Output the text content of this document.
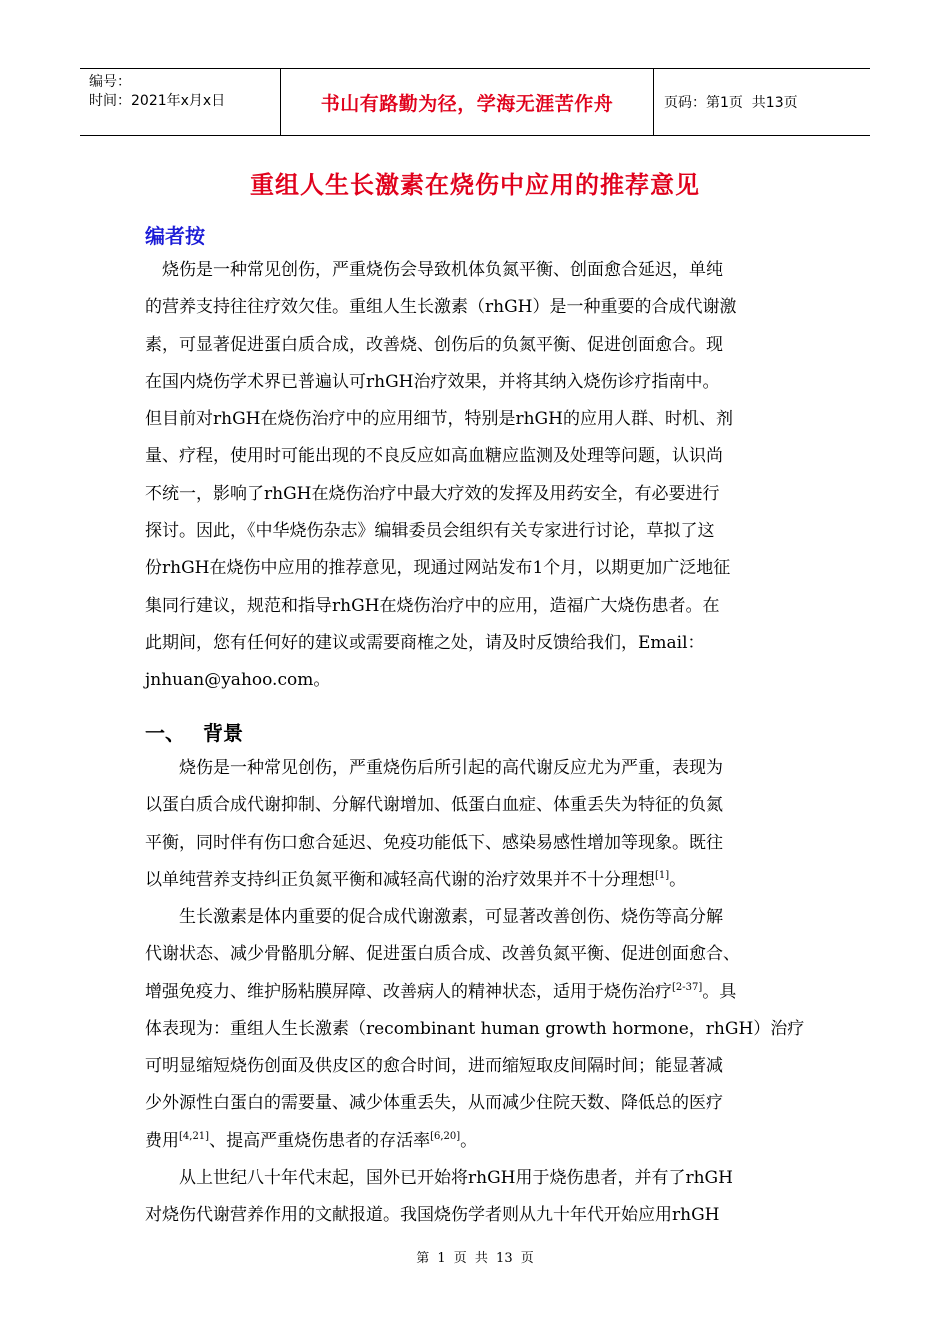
编号：
时间：2021年x月x日	书山有路勤为径，学海无涯苦作舟	页码：第1页  共13页
重组人生长激素在烧伤中应用的推荐意见
编者按
　烧伤是一种常见创伤，严重烧伤会导致机体负氮平衡、创面愈合延迟，单纯
的营养支持往往疗效欠佳。重组人生长激素（rhGH）是一种重要的合成代谢激
素，可显著促进蛋白质合成，改善烧、创伤后的负氮平衡、促进创面愈合。现
在国内烧伤学术界已普遍认可rhGH治疗效果，并将其纳入烧伤诊疗指南中。
但目前对rhGH在烧伤治疗中的应用细节，特别是rhGH的应用人群、时机、剂
量、疗程，使用时可能出现的不良反应如高血糖应监测及处理等问题，认识尚
不统一，影响了rhGH在烧伤治疗中最大疗效的发挥及用药安全，有必要进行
探讨。因此，《中华烧伤杂志》编辑委员会组织有关专家进行讨论，草拟了这
份rhGH在烧伤中应用的推荐意见，现通过网站发布1个月，以期更加广泛地征
集同行建议，规范和指导rhGH在烧伤治疗中的应用，造福广大烧伤患者。在
此期间，您有任何好的建议或需要商榷之处，请及时反馈给我们，Email：
jnhuan@yahoo.com。
一、 背景
　　烧伤是一种常见创伤，严重烧伤后所引起的高代谢反应尤为严重，表现为
以蛋白质合成代谢抑制、分解代谢增加、低蛋白血症、体重丢失为特征的负氮
平衡，同时伴有伤口愈合延迟、免疫功能低下、感染易感性增加等现象。既往
以单纯营养支持纠正负氮平衡和减轻高代谢的治疗效果并不十分理想[1]。
　　生长激素是体内重要的促合成代谢激素，可显著改善创伤、烧伤等高分解
代谢状态、减少骨骼肌分解、促进蛋白质合成、改善负氮平衡、促进创面愈合、
增强免疫力、维护肠粘膜屏障、改善病人的精神状态，适用于烧伤治疗[2-37]。具
体表现为：重组人生长激素（recombinant human growth hormone，rhGH）治疗
可明显缩短烧伤创面及供皮区的愈合时间，进而缩短取皮间隔时间；能显著减
少外源性白蛋白的需要量、减少体重丢失，从而减少住院天数、降低总的医疗
费用[4,21]、提高严重烧伤患者的存活率[6,20]。
　　从上世纪八十年代末起，国外已开始将rhGH用于烧伤患者，并有了rhGH
对烧伤代谢营养作用的文献报道。我国烧伤学者则从九十年代开始应用rhGH
第 1 页 共 13 页
